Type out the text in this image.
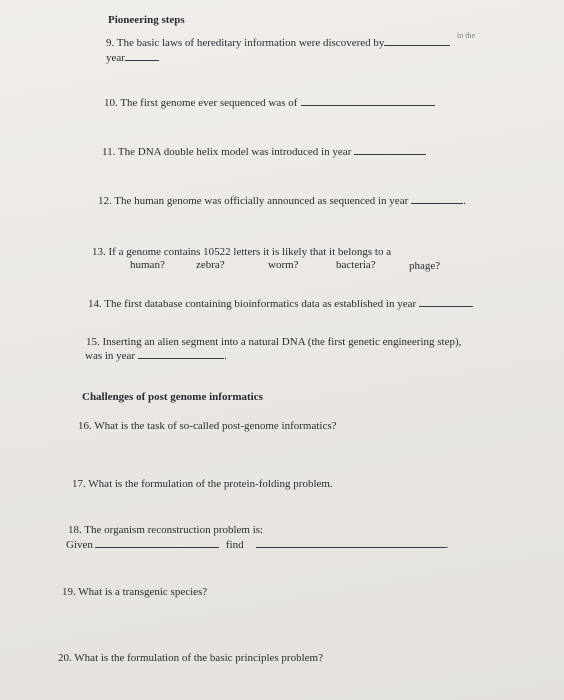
Pioneering steps
9. The basic laws of hereditary information were discovered by
in the
year
10. The first genome ever sequenced was of
11. The DNA double helix model was introduced in year
12. The human genome was officially announced as sequenced in year	.
13. If a genome contains 10522 letters it is likely that it belongs to a
human?	zebra?	worm?	bacteria?	phage?
14. The first database containing bioinformatics data as established in year
15. Inserting an alien segment into a natural DNA (the first genetic engineering step),
was in year	.
Challenges of post genome informatics
16. What is the task of so-called post-genome informatics?
17. What is the formulation of the protein-folding problem.
18. The organism reconstruction problem is:
Given	find	.
19. What is a transgenic species?
20. What is the formulation of the basic principles problem?
